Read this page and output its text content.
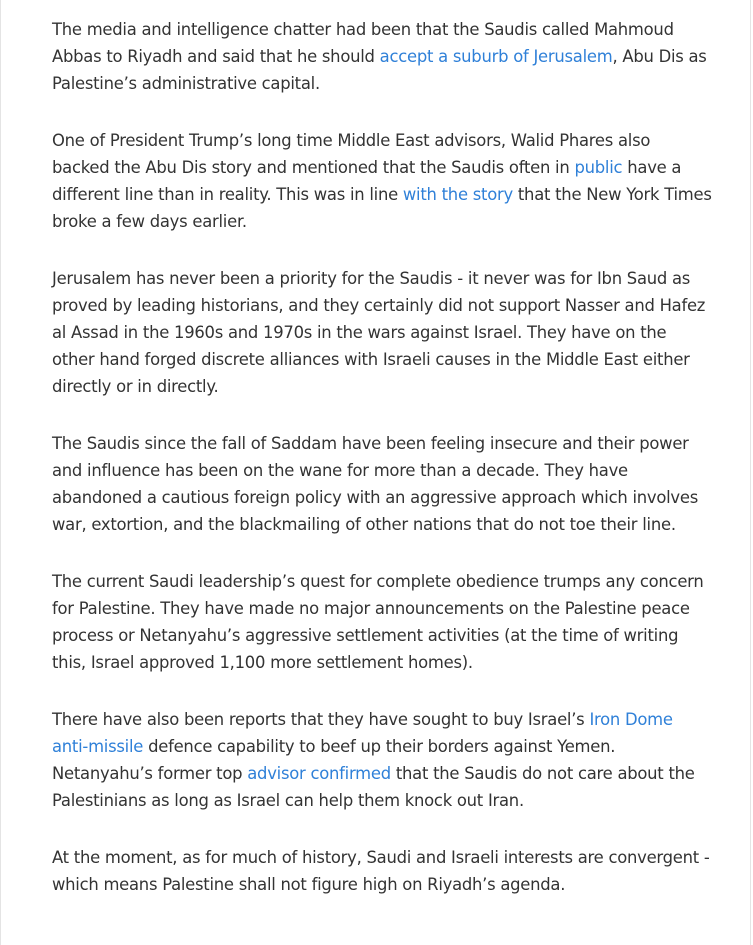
The media and intelligence chatter had been that the Saudis called Mahmoud Abbas to Riyadh and said that he should accept a suburb of Jerusalem, Abu Dis as Palestine’s administrative capital.

One of President Trump’s long time Middle East advisors, Walid Phares also backed the Abu Dis story and mentioned that the Saudis often in public have a different line than in reality. This was in line with the story that the New York Times broke a few days earlier.

Jerusalem has never been a priority for the Saudis - it never was for Ibn Saud as proved by leading historians, and they certainly did not support Nasser and Hafez al Assad in the 1960s and 1970s in the wars against Israel. They have on the other hand forged discrete alliances with Israeli causes in the Middle East either directly or in directly.

The Saudis since the fall of Saddam have been feeling insecure and their power and influence has been on the wane for more than a decade. They have abandoned a cautious foreign policy with an aggressive approach which involves war, extortion, and the blackmailing of other nations that do not toe their line.

The current Saudi leadership’s quest for complete obedience trumps any concern for Palestine. They have made no major announcements on the Palestine peace process or Netanyahu’s aggressive settlement activities (at the time of writing this, Israel approved 1,100 more settlement homes).

There have also been reports that they have sought to buy Israel’s Iron Dome anti-missile defence capability to beef up their borders against Yemen. Netanyahu’s former top advisor confirmed that the Saudis do not care about the Palestinians as long as Israel can help them knock out Iran.

At the moment, as for much of history, Saudi and Israeli interests are convergent - which means Palestine shall not figure high on Riyadh’s agenda.
